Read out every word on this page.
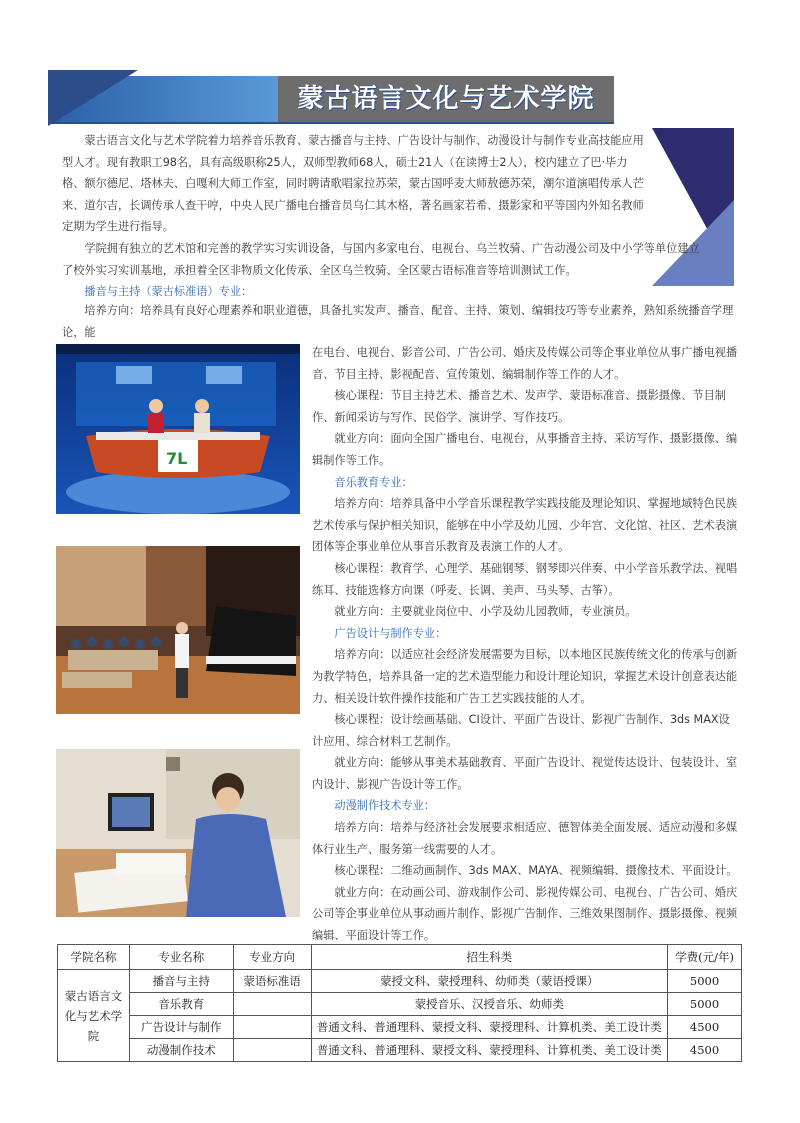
蒙古语言文化与艺术学院

蒙古语言文化与艺术学院着力培养音乐教育、蒙古播音与主持、广告设计与制作、动漫设计与制作专业高技能应用型人才。现有教职工98名，具有高级职称25人，双师型教师68人，硕士21人（在读博士2人），校内建立了巴·毕力格、额尔德尼、塔林夫、白嘎利大师工作室，同时聘请歌唱家拉苏荣，蒙古国呼麦大师敖德苏荣，潮尔道演唱传承人芒来、道尔吉，长调传承人查干哼，中央人民广播电台播音员乌仁其木格，著名画家若希、摄影家和平等国内外知名教师定期为学生进行指导。

学院拥有独立的艺术馆和完善的教学实习实训设备，与国内多家电台、电视台、乌兰牧骑、广告动漫公司及中小学等单位建立了校外实习实训基地，承担着全区非物质文化传承、全区乌兰牧骑、全区蒙古语标准音等培训测试工作。

播音与主持（蒙古标准语）专业：

培养方向：培养具有良好心理素养和职业道德，具备扎实发声、播音、配音、主持、策划、编辑技巧等专业素养，熟知系统播音学理论，能

7L

在电台、电视台、影音公司、广告公司、婚庆及传媒公司等企事业单位从事广播电视播音、节目主持、影视配音、宣传策划、编辑制作等工作的人才。

核心课程：节目主持艺术、播音艺术、发声学、蒙语标准音、摄影摄像、节目制作、新闻采访与写作、民俗学、演讲学、写作技巧。

就业方向：面向全国广播电台、电视台，从事播音主持、采访写作、摄影摄像、编辑制作等工作。

音乐教育专业：

培养方向：培养具备中小学音乐课程教学实践技能及理论知识、掌握地域特色民族艺术传承与保护相关知识，能够在中小学及幼儿园、少年宫、文化馆、社区、艺术表演团体等企事业单位从事音乐教育及表演工作的人才。

核心课程：教育学、心理学、基础钢琴、钢琴即兴伴奏、中小学音乐教学法、视唱练耳、技能选修方向课（呼麦、长调、美声、马头琴、古筝）。

就业方向：主要就业岗位中、小学及幼儿园教师，专业演员。

广告设计与制作专业：

培养方向：以适应社会经济发展需要为目标，以本地区民族传统文化的传承与创新为教学特色，培养具备一定的艺术造型能力和设计理论知识，掌握艺术设计创意表达能力、相关设计软件操作技能和广告工艺实践技能的人才。

核心课程：设计绘画基础、CI设计、平面广告设计、影视广告制作、3ds MAX设计应用、综合材料工艺制作。

就业方向：能够从事美术基础教育、平面广告设计、视觉传达设计、包装设计、室内设计、影视广告设计等工作。

动漫制作技术专业：

培养方向：培养与经济社会发展要求相适应、德智体美全面发展、适应动漫和多媒体行业生产、服务第一线需要的人才。

核心课程：二维动画制作、3ds MAX、MAYA、视频编辑、摄像技术、平面设计。

就业方向：在动画公司、游戏制作公司、影视传媒公司、电视台、广告公司、婚庆公司等企事业单位从事动画片制作、影视广告制作、三维效果图制作、摄影摄像、视频编辑、平面设计等工作。

学院名称	专业名称	专业方向	招生科类	学费(元/年)
蒙古语言文化与艺术学院	播音与主持	蒙语标准语	蒙授文科、蒙授理科、幼师类（蒙语授课）	5000
	音乐教育		蒙授音乐、汉授音乐、幼师类	5000
	广告设计与制作		普通文科、普通理科、蒙授文科、蒙授理科、计算机类、美工设计类	4500
	动漫制作技术		普通文科、普通理科、蒙授文科、蒙授理科、计算机类、美工设计类	4500
